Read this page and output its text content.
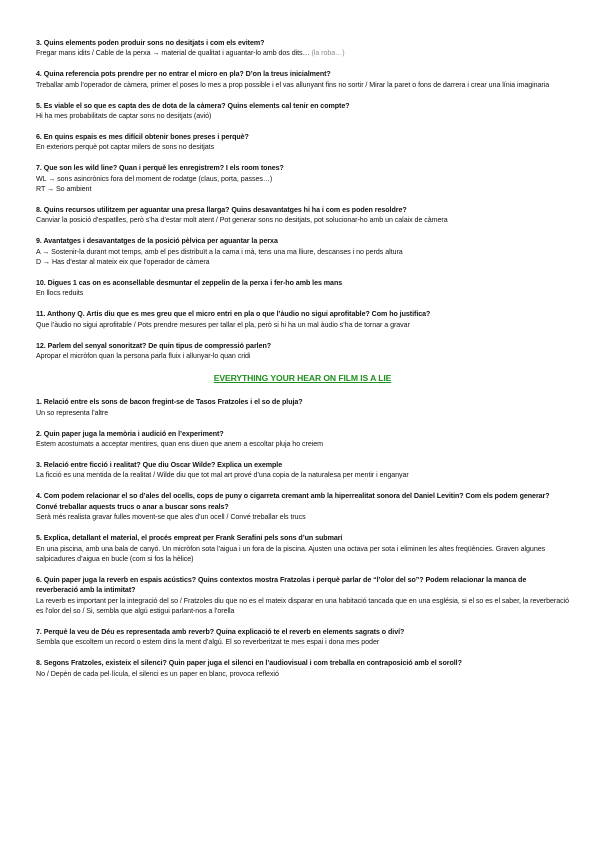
3. Quins elements poden produir sons no desitjats i com els evitem?
Fregar mans idits / Cable de la perxa → material de qualitat i aguantar-lo amb dos dits… (la roba…)
4. Quina referencia pots prendre per no entrar el micro en pla? D’on la treus inicialment?
Treballar amb l’operador de càmera, primer el poses lo mes a prop possible i el vas allunyant fins no sortir / Mirar la paret o fons de darrera i crear una línia imaginaria
5. Es viable el so que es capta des de dota de la càmera? Quins elements cal tenir en compte?
Hi ha mes probabilitats de captar sons no desitjats (avió)
6. En quins espais es mes difícil obtenir bones preses i perquè?
En exteriors perquè pot captar milers de sons no desitjats
7. Que son les wild line? Quan i perquè les enregistrem? I els room tones?
WL → sons asincrònics fora del moment de rodatge (claus, porta, passes…)
RT → So ambient
8. Quins recursos utilitzem per aguantar una presa llarga? Quins desavantatges hi ha i com es poden resoldre?
Canviar la posició d’espatlles, però s’ha d’estar molt atent / Pot generar sons no desitjats, pot solucionar-ho amb un calaix de càmera
9. Avantatges i desavantatges de la posició pèlvica per aguantar la perxa
A → Sostenir-la durant mot temps, amb el pes distribuït a la cama i mà, tens una ma lliure, descanses i no perds altura
D → Has d’estar al mateix eix que l’operador de càmera
10. Digues 1 cas on es aconsellable desmuntar el zeppelin de la perxa i fer-ho amb les mans
En llocs reduits
11. Anthony Q. Artis diu que es mes greu que el micro entri en pla o que l’àudio no sigui aprofitable? Com ho justifica?
Que l’àudio no sigui aprofitable / Pots prendre mesures per tallar el pla, però si hi ha un mal àudio s’ha de tornar a gravar
12. Parlem del senyal sonoritzat? De quin tipus de compressió parlen?
Apropar el micròfon quan la persona parla fluix i allunyar-lo quan cridi
EVERYTHING YOUR HEAR ON FILM IS A LIE
1. Relació entre els sons de bacon fregint-se de Tasos Fratzoles i el so de pluja?
Un so representa l’altre
2. Quin paper juga la memòria i audició en l’experiment?
Estem acostumats a acceptar mentires, quan ens diuen que anem a escoltar pluja ho creiem
3. Relació entre ficció i realitat? Que diu Oscar Wilde? Explica un exemple
La ficció es una mentida de la realitat / Wilde diu que tot mal art prové d’una copia de la naturalesa per mentir i enganyar
4. Com podem relacionar el so d’ales del ocells, cops de puny o cigarreta cremant amb la hiperrealitat sonora del Daniel Levitin? Com els podem generar? Convé treballar aquests trucs o anar a buscar sons reals?
Serà més realista gravar fulles movent-se que ales d’un ocell / Convé treballar els trucs
5. Explica, detallant el material, el procés empreat per Frank Serafini pels sons d’un submarí
En una piscina, amb una bala de canyó. Un micròfon sota l’aigua i un fora de la piscina. Ajusten una octava per sota i eliminen les altes freqüències. Graven algunes salpicadures d’aigua en bucle (com si fos la hèlice)
6. Quin paper juga la reverb en espais acústics? Quins contextos mostra Fratzolas i perquè parlar de “l’olor del so”? Podem relacionar la manca de reverberació amb la intimitat?
La reverb es important per la integració del so / Fratzoles diu que no es el mateix disparar en una habitació tancada que en una església, si el so es el saber, la reverberació es l’olor del so / Si, sembla que algú estigui parlant-nos a l’orella
7. Perquè la veu de Déu es representada amb reverb? Quina explicació te el reverb en elements sagrats o diví?
Sembla que escoltem un record o estem dins la ment d’algú. El so reverberitzat te mes espai i dona mes poder
8. Segons Fratzoles, existeix el silenci? Quin paper juga el silenci en l’audiovisual i com treballa en contraposició amb el soroll?
No / Depèn de cada pel·lícula, el silenci es un paper en blanc, provoca reflexió
